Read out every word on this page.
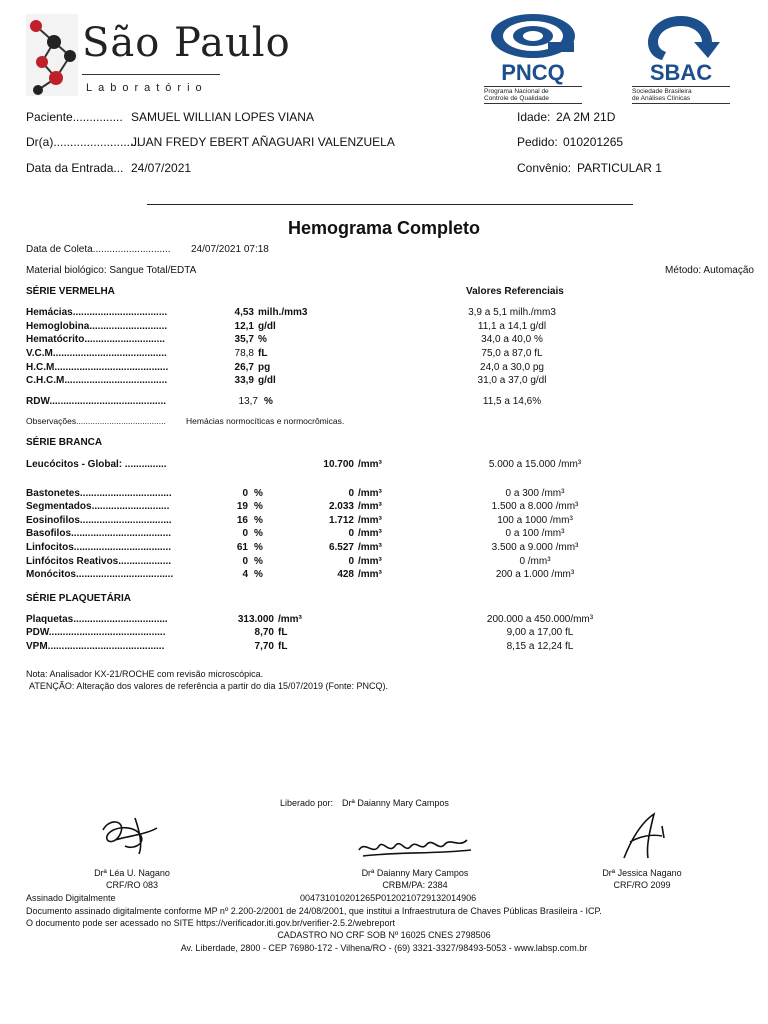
São Paulo
Laboratório
PNCQ
Programa Nacional de
Controle de Qualidade
SBAC
Sociedade Brasileira
de Análises Clínicas
Paciente............... SAMUEL WILLIAN LOPES VIANA
Dr(a)..........................
JUAN FREDY EBERT AÑAGUARI VALENZUELA
Data da Entrada... 24/07/2021
Idade: 2A 2M 21D
Pedido: 010201265
Convênio: PARTICULAR 1
Hemograma Completo
Data de Coleta............................ 24/07/2021 07:18
Material biológico: Sangue Total/EDTA	Método: Automação
SÉRIE VERMELHA	Valores Referenciais
Hemácias..................................	4,53 milh./mm3	3,9 a 5,1 milh./mm3
Hemoglobina............................	12,1 g/dl	11,1 a 14,1 g/dl
Hematócrito.............................	35,7 %	34,0 a 40,0 %
V.C.M.........................................	78,8 fL	75,0 a 87,0 fL
H.C.M.........................................	26,7 pg	24,0 a 30,0 pg
C.H.C.M.....................................	33,9 g/dl	31,0 a 37,0 g/dl
RDW..........................................	13,7 %	11,5 a 14,6%
Observações...................................... Hemácias normocíticas e normocrômicas.
SÉRIE BRANCA
Leucócitos - Global: ...............	10.700 /mm³	5.000 a 15.000 /mm³
Bastonetes.................................	0 %	0 /mm³	0 a 300 /mm³
Segmentados............................	19 %	2.033 /mm³	1.500 a 8.000 /mm³
Eosinofilos.................................	16 %	1.712 /mm³	100 a 1000 /mm³
Basofilos....................................	0 %	0 /mm³	0 a 100 /mm³
Linfocitos...................................	61 %	6.527 /mm³	3.500 a 9.000 /mm³
Linfócitos Reativos...................	0 %	0 /mm³	0 /mm³
Monócitos...................................	4 %	428 /mm³	200 a 1.000 /mm³
SÉRIE PLAQUETÁRIA
Plaquetas..................................	313.000 /mm³	200.000 a 450.000/mm³
PDW..........................................	8,70 fL	9,00 a 17,00 fL
VPM..........................................	7,70 fL	8,15 a 12,24 fL
Nota: Analisador KX-21/ROCHE com revisão microscópica.
ATENÇÃO: Alteração dos valores de referência a partir do dia 15/07/2019 (Fonte: PNCQ).
Liberado por: Drª Daianny Mary Campos
Drª Léa U. Nagano
CRF/RO 083
Drª Daianny Mary Campos
CRBM/PA: 2384
Drª Jessica Nagano
CRF/RO 2099
Assinado Digitalmente	004731010201265P0120210729132014906
Documento assinado digitalmente conforme MP nº 2.200-2/2001 de 24/08/2001, que institui a Infraestrutura de Chaves Públicas Brasileira - ICP.
O documento pode ser acessado no SITE https://verificador.iti.gov.br/verifier-2.5.2/webreport
CADASTRO NO CRF SOB Nº 16025 CNES 2798506
Av. Liberdade, 2800 - CEP 76980-172 - Vilhena/RO - (69) 3321-3327/98493-5053 - www.labsp.com.br
